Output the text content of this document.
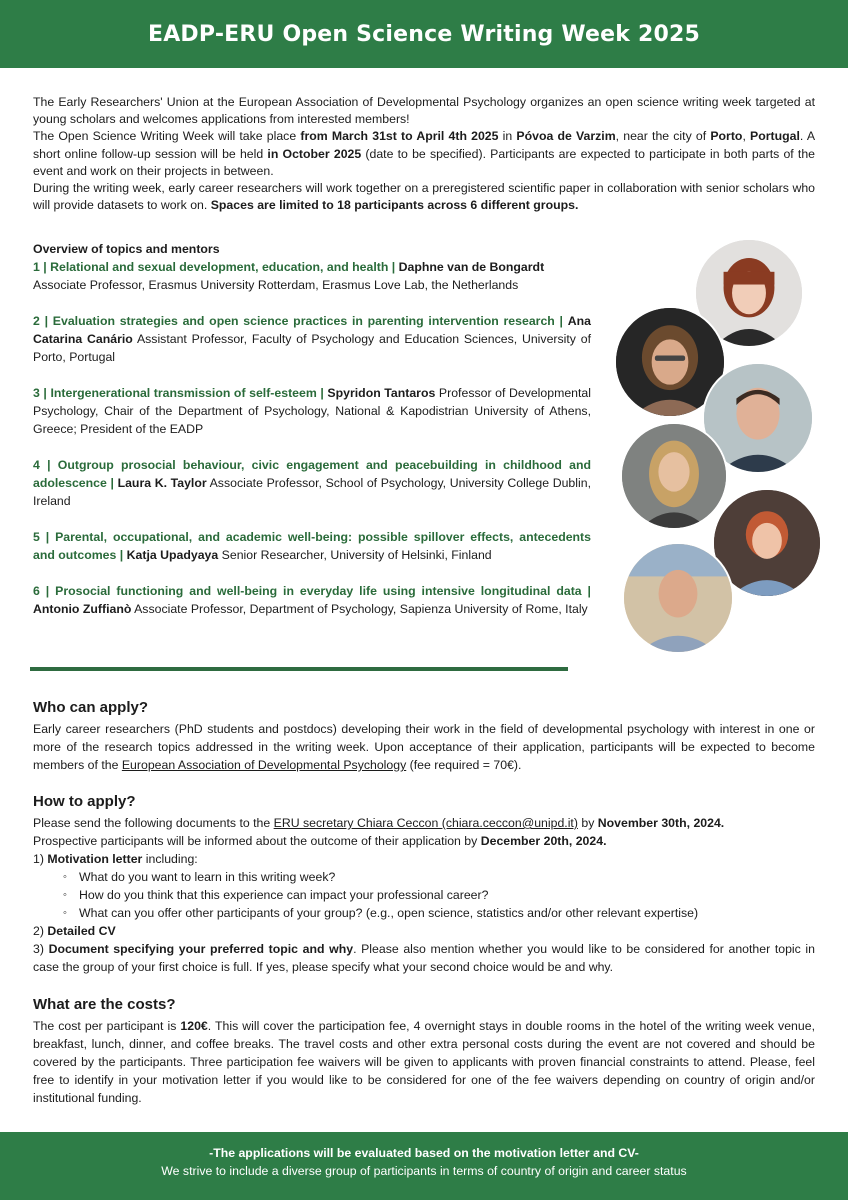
EADP-ERU Open Science Writing Week 2025

The Early Researchers' Union at the European Association of Developmental Psychology organizes an open science writing week targeted at young scholars and welcomes applications from interested members!

The Open Science Writing Week will take place from March 31st to April 4th 2025 in Póvoa de Varzim, near the city of Porto, Portugal. A short online follow-up session will be held in October 2025 (date to be specified). Participants are expected to participate in both parts of the event and work on their projects in between.

During the writing week, early career researchers will work together on a preregistered scientific paper in collaboration with senior scholars who will provide datasets to work on. Spaces are limited to 18 participants across 6 different groups.

Overview of topics and mentors
1 | Relational and sexual development, education, and health | Daphne van de Bongardt
Associate Professor, Erasmus University Rotterdam, Erasmus Love Lab, the Netherlands
2 | Evaluation strategies and open science practices in parenting intervention research | Ana Catarina Canário Assistant Professor, Faculty of Psychology and Education Sciences, University of Porto, Portugal
3 | Intergenerational transmission of self-esteem | Spyridon Tantaros Professor of Developmental Psychology, Chair of the Department of Psychology, National & Kapodistrian University of Athens, Greece; President of the EADP
4 | Outgroup prosocial behaviour, civic engagement and peacebuilding in childhood and adolescence | Laura K. Taylor Associate Professor, School of Psychology, University College Dublin, Ireland
5 | Parental, occupational, and academic well-being: possible spillover effects, antecedents and outcomes | Katja Upadyaya Senior Researcher, University of Helsinki, Finland
6 | Prosocial functioning and well-being in everyday life using intensive longitudinal data | Antonio Zuffianò Associate Professor, Department of Psychology, Sapienza University of Rome, Italy
Who can apply?

Early career researchers (PhD students and postdocs) developing their work in the field of developmental psychology with interest in one or more of the research topics addressed in the writing week. Upon acceptance of their application, participants will be expected to become members of the European Association of Developmental Psychology (fee required = 70€).

How to apply?

Please send the following documents to the ERU secretary Chiara Ceccon (chiara.ceccon@unipd.it) by November 30th, 2024.

Prospective participants will be informed about the outcome of their application by December 20th, 2024.

1) Motivation letter including:

◦ What do you want to learn in this writing week?
◦ How do you think that this experience can impact your professional career?
◦ What can you offer other participants of your group? (e.g., open science, statistics and/or other relevant expertise)

2) Detailed CV

3) Document specifying your preferred topic and why. Please also mention whether you would like to be considered for another topic in case the group of your first choice is full. If yes, please specify what your second choice would be and why.

What are the costs?

The cost per participant is 120€. This will cover the participation fee, 4 overnight stays in double rooms in the hotel of the writing week venue, breakfast, lunch, dinner, and coffee breaks. The travel costs and other extra personal costs during the event are not covered and should be covered by the participants. Three participation fee waivers will be given to applicants with proven financial constraints to attend. Please, feel free to identify in your motivation letter if you would like to be considered for one of the fee waivers depending on country of origin and/or institutional funding.

-The applications will be evaluated based on the motivation letter and CV-
We strive to include a diverse group of participants in terms of country of origin and career status
